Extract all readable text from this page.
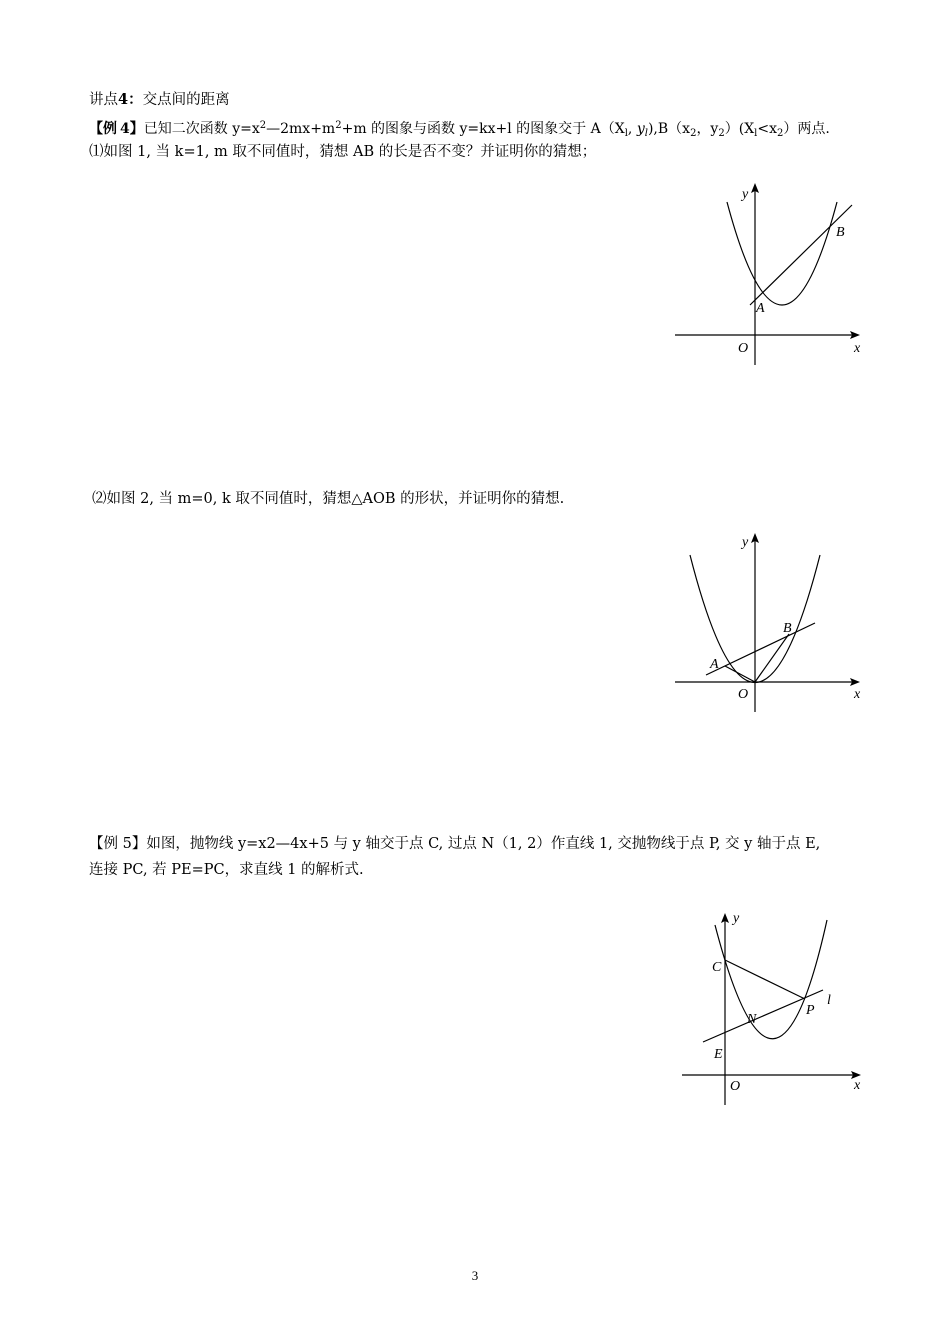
讲点4：交点间的距离
【例 4】已知二次函数 $y=x^2—2mx+m^2+m$ 的图象与函数 y=kx+l 的图象交于 $A(X_l$, $y_l),B(x_2$，$y_2)(X_l<x_2)$两点.
⑴如图 1, 当 k=1, m 取不同值时，猜想 AB 的长是否不变？并证明你的猜想；
y
x
O
A
B
⑵如图 2, 当 m=0, k 取不同值时，猜想△AOB 的形状，并证明你的猜想.
y
x
O
A
B
【例 5】如图，抛物线 y=x2—4x+5 与 y 轴交于点 C, 过点 N（1, 2）作直线 1, 交抛物线于点 P, 交 y 轴于点 E,
连接 PC, 若 PE=PC，求直线 1 的解析式.
y
x
O
C
N
P
E
l
3
